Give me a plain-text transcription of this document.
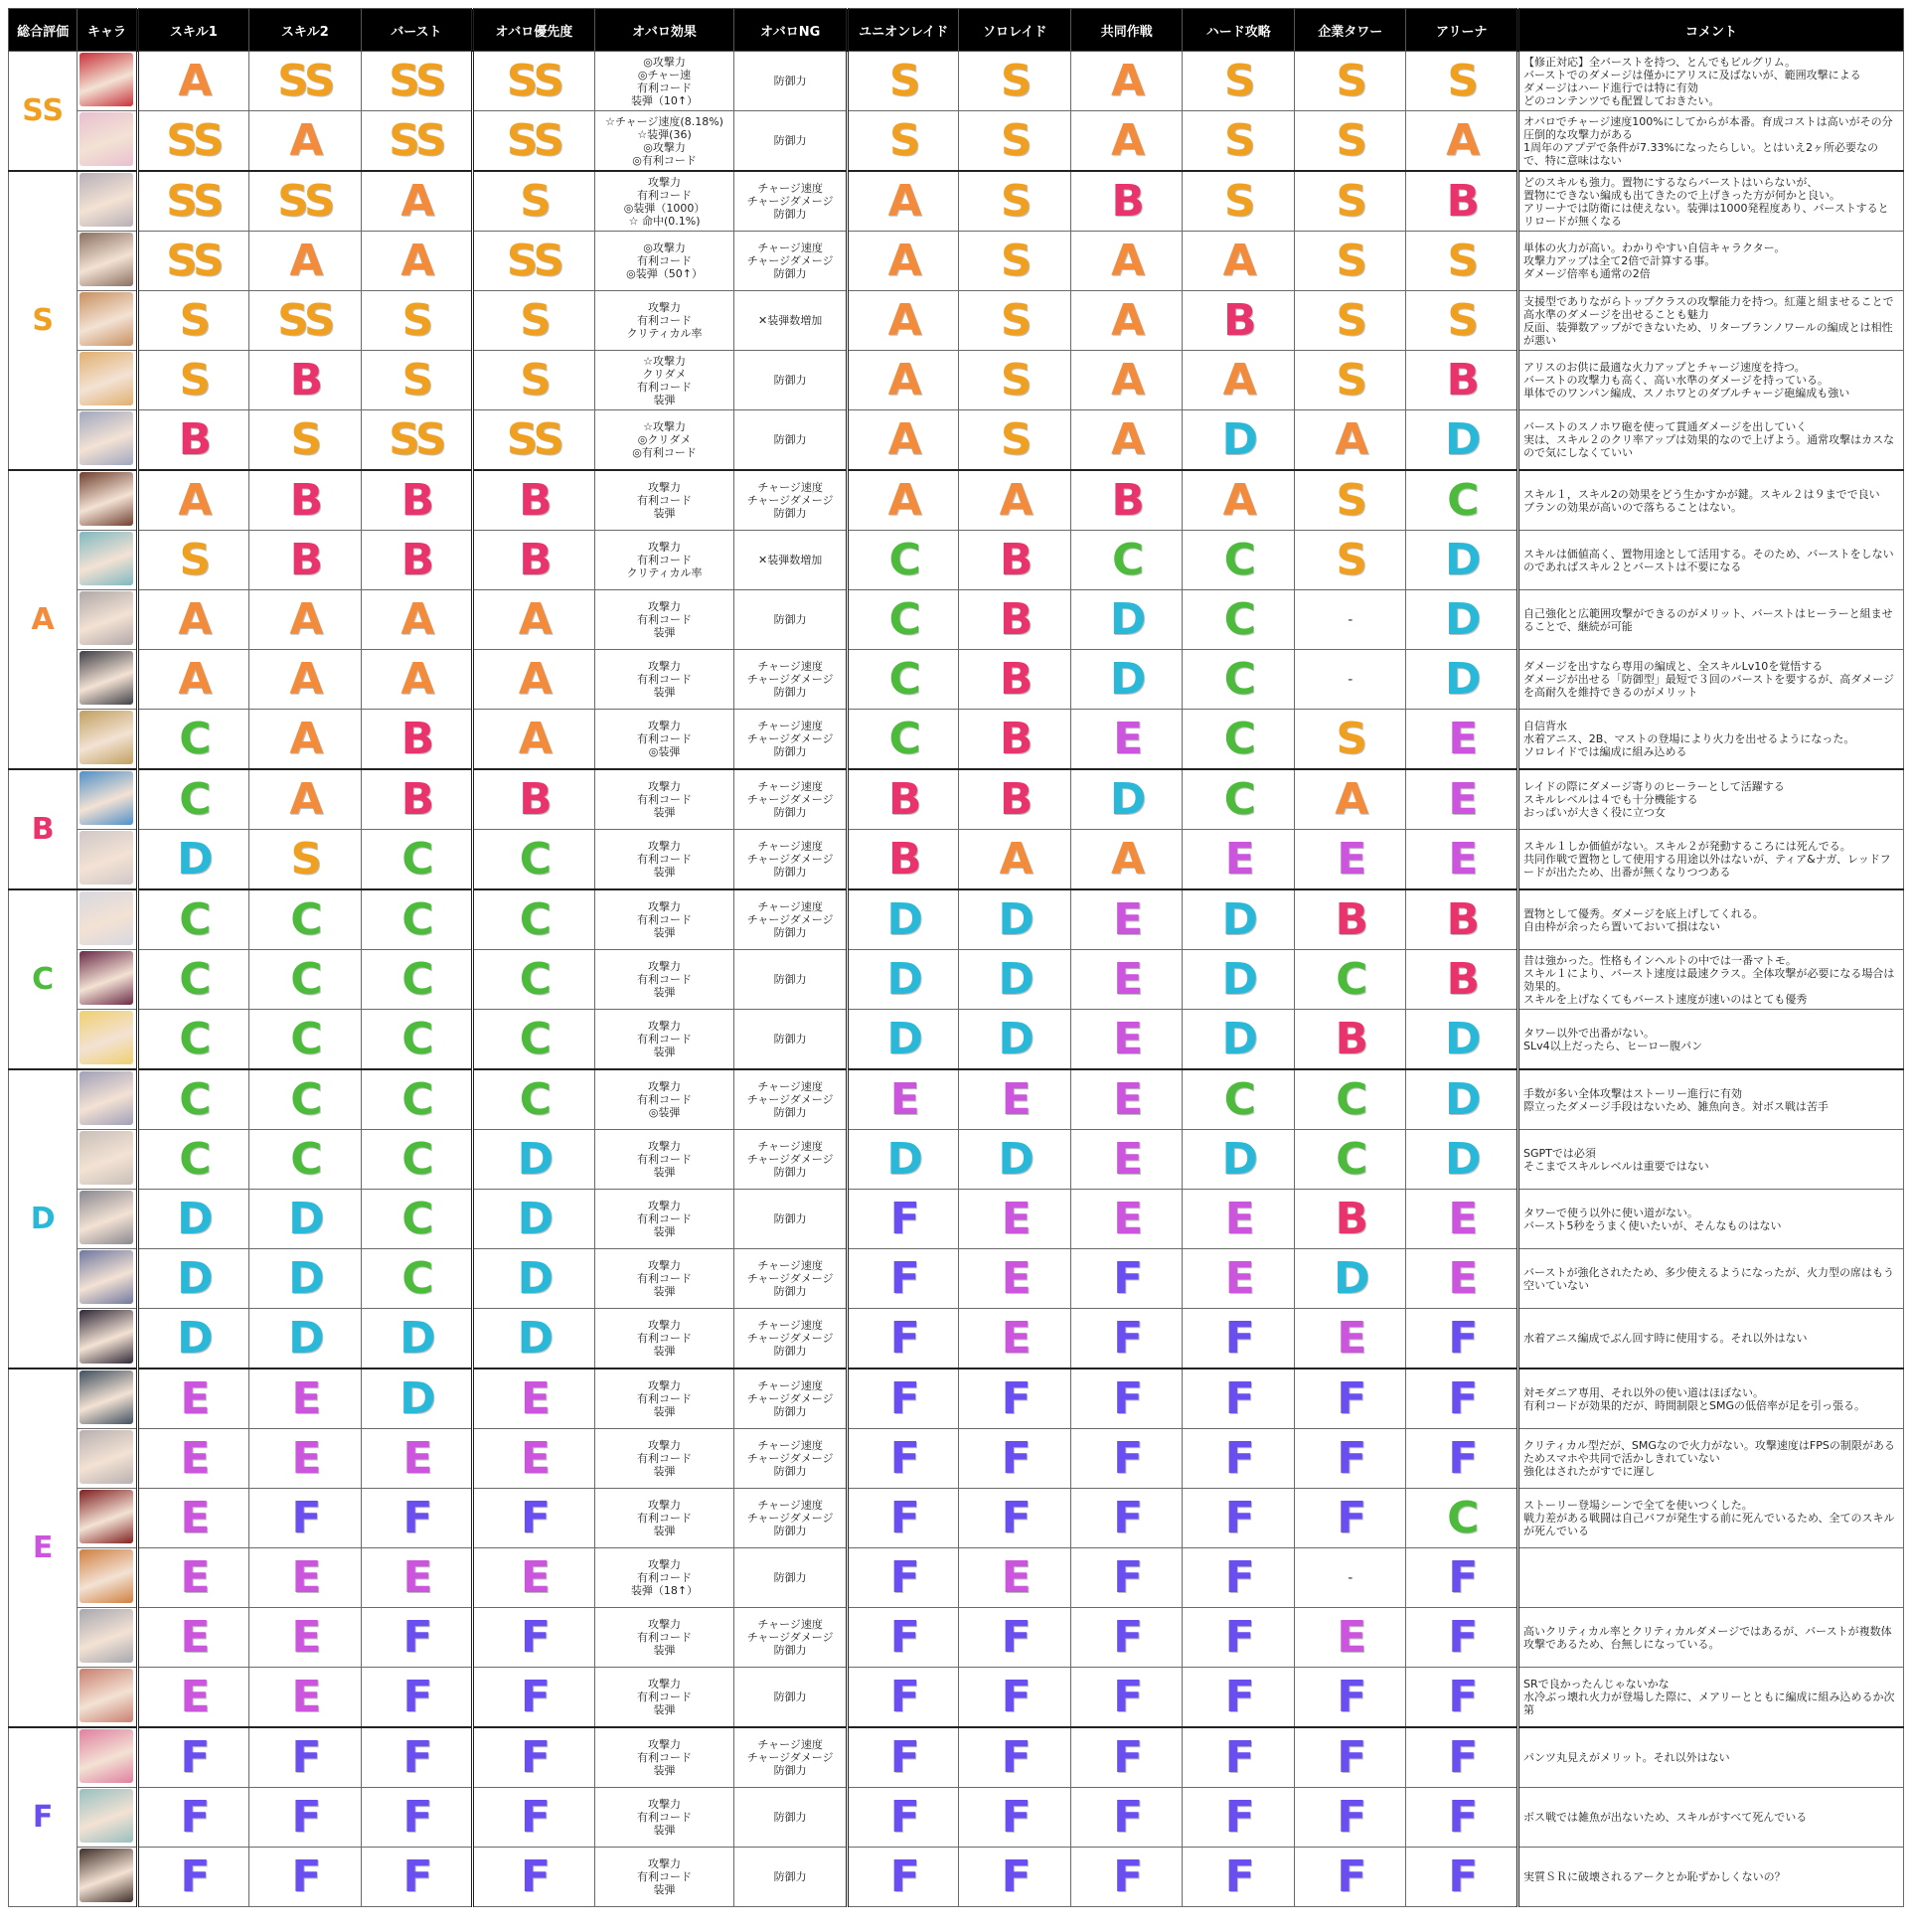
総合評価	キャラ	スキル1	スキル2	バースト	オバロ優先度	オバロ効果	オバロNG	ユニオンレイド	ソロレイド	共同作戦	ハード攻略	企業タワー	アリーナ	コメント
SS		A	SS	SS	SS	◎攻撃力
◎チャー速
有利コード
装弾（10↑）	防御力	S	S	A	S	S	S	【修正対応】全バーストを持つ、とんでもビルグリム。
バーストでのダメージは僅かにアリスに及ばないが、範囲攻撃による
ダメージはハード進行では特に有効
どのコンテンツでも配置しておきたい。

		SS	A	SS	SS	☆チャージ速度(8.18%)
☆装弾(36)
◎攻撃力
◎有利コード	防御力	S	S	A	S	S	A	オバロでチャージ速度100%にしてからが本番。育成コストは高いがその分圧倒的な攻撃力がある
1周年のアプデで条件が7.33%になったらしい。とはいえ2ヶ所必要なので、特に意味はない

S		SS	SS	A	S	攻撃力
有利コード
◎装弾（1000）
☆ 命中(0.1%)	チャージ速度
チャージダメージ
防御力	A	S	B	S	S	B	どのスキルも強力。置物にするならバーストはいらないが、
置物にできない編成も出てきたので上げきった方が何かと良い。
アリーナでは防衛には使えない。装弾は1000発程度あり、バーストするとリロードが無くなる

		SS	A	A	SS	◎攻撃力
有利コード
◎装弾（50↑）	チャージ速度
チャージダメージ
防御力	A	S	A	A	S	S	単体の火力が高い。わかりやすい自信キャラクター。
攻撃力アップは全て2倍で計算する事。
ダメージ倍率も通常の2倍

		S	SS	S	S	攻撃力
有利コード
クリティカル率	✕装弾数増加	A	S	A	B	S	S	支援型でありながらトップクラスの攻撃能力を持つ。紅蓮と組ませることで高水準のダメージを出せることも魅力
反面、装弾数アップができないため、リターブランノワールの編成とは相性が悪い

		S	B	S	S	☆攻撃力
クリダメ
有利コード
装弾	防御力	A	S	A	A	S	B	アリスのお供に最適な火力アップとチャージ速度を持つ。
バーストの攻撃力も高く、高い水準のダメージを持っている。
単体でのワンパン編成、スノホワとのダブルチャージ砲編成も強い

		B	S	SS	SS	☆攻撃力
◎クリダメ
◎有利コード	防御力	A	S	A	D	A	D	バーストのスノホワ砲を使って貫通ダメージを出していく
実は、スキル２のクリ率アップは効果的なので上げよう。通常攻撃はカスなので気にしなくていい

A		A	B	B	B	攻撃力
有利コード
装弾	チャージ速度
チャージダメージ
防御力	A	A	B	A	S	C	スキル１，スキル2の効果をどう生かすかが鍵。スキル２は９までで良い
ブランの効果が高いので落ちることはない。

		S	B	B	B	攻撃力
有利コード
クリティカル率	✕装弾数増加	C	B	C	C	S	D	スキルは価値高く、置物用途として活用する。そのため、バーストをしないのであればスキル２とバーストは不要になる

		A	A	A	A	攻撃力
有利コード
装弾	防御力	C	B	D	C	-	D	自己強化と広範囲攻撃ができるのがメリット、バーストはヒーラーと組ませることで、継続が可能

		A	A	A	A	攻撃力
有利コード
装弾	チャージ速度
チャージダメージ
防御力	C	B	D	C	-	D	ダメージを出すなら専用の編成と、全スキルLv10を覚悟する
ダメージが出せる「防御型」最短で３回のバーストを要するが、高ダメージを高耐久を維持できるのがメリット

		C	A	B	A	攻撃力
有利コード
◎装弾	チャージ速度
チャージダメージ
防御力	C	B	E	C	S	E	自信背水
水着アニス、2B、マストの登場により火力を出せるようになった。
ソロレイドでは編成に組み込める

B		C	A	B	B	攻撃力
有利コード
装弾	チャージ速度
チャージダメージ
防御力	B	B	D	C	A	E	レイドの際にダメージ寄りのヒーラーとして活躍する
スキルレベルは４でも十分機能する
おっぱいが大きく役に立つ女

		D	S	C	C	攻撃力
有利コード
装弾	チャージ速度
チャージダメージ
防御力	B	A	A	E	E	E	スキル１しか価値がない。スキル２が発動するころには死んでる。
共同作戦で置物として使用する用途以外はないが、ティア&ナガ、レッドフードが出たため、出番が無くなりつつある

C		C	C	C	C	攻撃力
有利コード
装弾	チャージ速度
チャージダメージ
防御力	D	D	E	D	B	B	置物として優秀。ダメージを底上げしてくれる。
自由枠が余ったら置いておいて損はない

		C	C	C	C	攻撃力
有利コード
装弾	防御力	D	D	E	D	C	B	昔は強かった。性格もインヘルトの中では一番マトモ。
スキル１により、バースト速度は最速クラス。全体攻撃が必要になる場合は効果的。
スキルを上げなくてもバースト速度が速いのはとても優秀

		C	C	C	C	攻撃力
有利コード
装弾	防御力	D	D	E	D	B	D	タワー以外で出番がない。
SLv4以上だったら、ヒーロー腹パン

D		C	C	C	C	攻撃力
有利コード
◎装弾	チャージ速度
チャージダメージ
防御力	E	E	E	C	C	D	手数が多い全体攻撃はストーリー進行に有効
際立ったダメージ手段はないため、雑魚向き。対ボス戦は苦手

		C	C	C	D	攻撃力
有利コード
装弾	チャージ速度
チャージダメージ
防御力	D	D	E	D	C	D	SGPTでは必須
そこまでスキルレベルは重要ではない

		D	D	C	D	攻撃力
有利コード
装弾	防御力	F	E	E	E	B	E	タワーで使う以外に使い道がない。
バースト5秒をうまく使いたいが、そんなものはない

		D	D	C	D	攻撃力
有利コード
装弾	チャージ速度
チャージダメージ
防御力	F	E	F	E	D	E	バーストが強化されたため、多少使えるようになったが、火力型の席はもう空いていない

		D	D	D	D	攻撃力
有利コード
装弾	チャージ速度
チャージダメージ
防御力	F	E	F	F	E	F	水着アニス編成でぶん回す時に使用する。それ以外はない

E		E	E	D	E	攻撃力
有利コード
装弾	チャージ速度
チャージダメージ
防御力	F	F	F	F	F	F	対モダニア専用、それ以外の使い道はほぼない。
有利コードが効果的だが、時間制限とSMGの低倍率が足を引っ張る。

		E	E	E	E	攻撃力
有利コード
装弾	チャージ速度
チャージダメージ
防御力	F	F	F	F	F	F	クリティカル型だが、SMGなので火力がない。攻撃速度はFPSの制限があるためスマホや共同で活かしきれていない
強化はされたがすでに遅し

		E	F	F	F	攻撃力
有利コード
装弾	チャージ速度
チャージダメージ
防御力	F	F	F	F	F	C	ストーリー登場シーンで全てを使いつくした。
戦力差がある戦闘は自己バフが発生する前に死んでいるため、全てのスキルが死んでいる

		E	E	E	E	攻撃力
有利コード
装弾（18↑）	防御力	F	E	F	F	-	F	

		E	E	F	F	攻撃力
有利コード
装弾	チャージ速度
チャージダメージ
防御力	F	F	F	F	E	F	高いクリティカル率とクリティカルダメージではあるが、バーストが複数体攻撃であるため、台無しになっている。

		E	E	F	F	攻撃力
有利コード
装弾	防御力	F	F	F	F	F	F	SRで良かったんじゃないかな
水冷ぶっ壊れ火力が登場した際に、メアリーとともに編成に組み込めるか次第

F		F	F	F	F	攻撃力
有利コード
装弾	チャージ速度
チャージダメージ
防御力	F	F	F	F	F	F	パンツ丸見えがメリット。それ以外はない

		F	F	F	F	攻撃力
有利コード
装弾	防御力	F	F	F	F	F	F	ボス戦では雑魚が出ないため、スキルがすべて死んでいる

		F	F	F	F	攻撃力
有利コード
装弾	防御力	F	F	F	F	F	F	実質ＳＲに破壊されるアークとか恥ずかしくないの？
